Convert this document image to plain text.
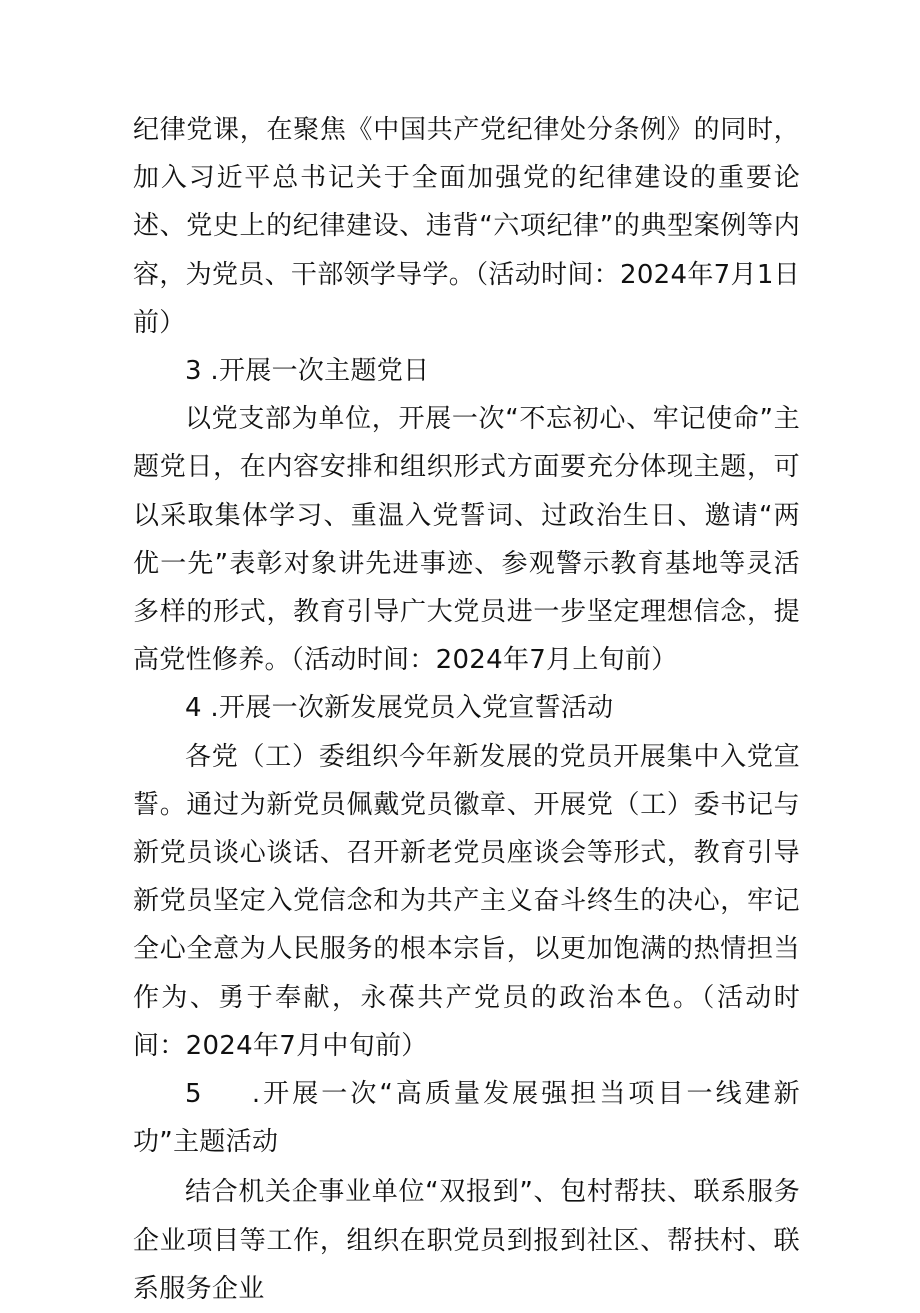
纪律党课，在聚焦《中国共产党纪律处分条例》的同时，加入习近平总书记关于全面加强党的纪律建设的重要论述、党史上的纪律建设、违背“六项纪律”的典型案例等内容，为党员、干部领学导学。（活动时间：2024年7月1日前）

3 .开展一次主题党日

以党支部为单位，开展一次“不忘初心、牢记使命”主题党日，在内容安排和组织形式方面要充分体现主题，可以采取集体学习、重温入党誓词、过政治生日、邀请“两优一先”表彰对象讲先进事迹、参观警示教育基地等灵活多样的形式，教育引导广大党员进一步坚定理想信念，提高党性修养。（活动时间：2024年7月上旬前）

4 .开展一次新发展党员入党宣誓活动

各党（工）委组织今年新发展的党员开展集中入党宣誓。通过为新党员佩戴党员徽章、开展党（工）委书记与新党员谈心谈话、召开新老党员座谈会等形式，教育引导新党员坚定入党信念和为共产主义奋斗终生的决心，牢记全心全意为人民服务的根本宗旨，以更加饱满的热情担当作为、勇于奉献，永葆共产党员的政治本色。（活动时间：2024年7月中旬前）

5 .开展一次“高质量发展强担当项目一线建新功”主题活动

结合机关企事业单位“双报到”、包村帮扶、联系服务企业项目等工作，组织在职党员到报到社区、帮扶村、联系服务企业
